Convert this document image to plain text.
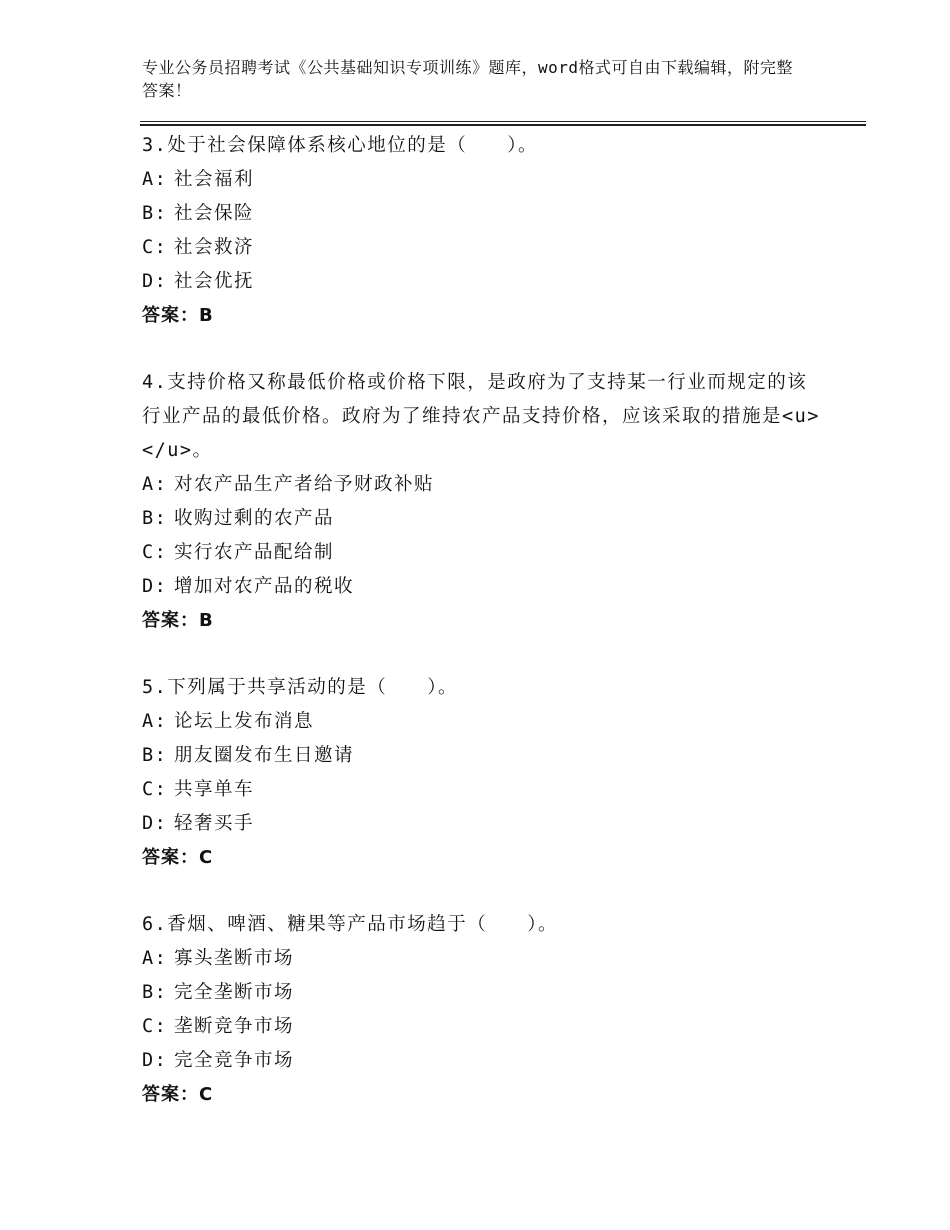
专业公务员招聘考试《公共基础知识专项训练》题库，word格式可自由下载编辑，附完整答案！

3.处于社会保障体系核心地位的是（　　）。

A: 社会福利
B: 社会保险
C: 社会救济
D: 社会优抚
答案：B

4.支持价格又称最低价格或价格下限，是政府为了支持某一行业而规定的该行业产品的最低价格。政府为了维持农产品支持价格，应该采取的措施是<u>　　　</u>。

A: 对农产品生产者给予财政补贴
B: 收购过剩的农产品
C: 实行农产品配给制
D: 增加对农产品的税收
答案：B

5.下列属于共享活动的是（　　）。

A: 论坛上发布消息
B: 朋友圈发布生日邀请
C: 共享单车
D: 轻奢买手
答案：C

6.香烟、啤酒、糖果等产品市场趋于（　　）。

A: 寡头垄断市场
B: 完全垄断市场
C: 垄断竞争市场
D: 完全竞争市场
答案：C
